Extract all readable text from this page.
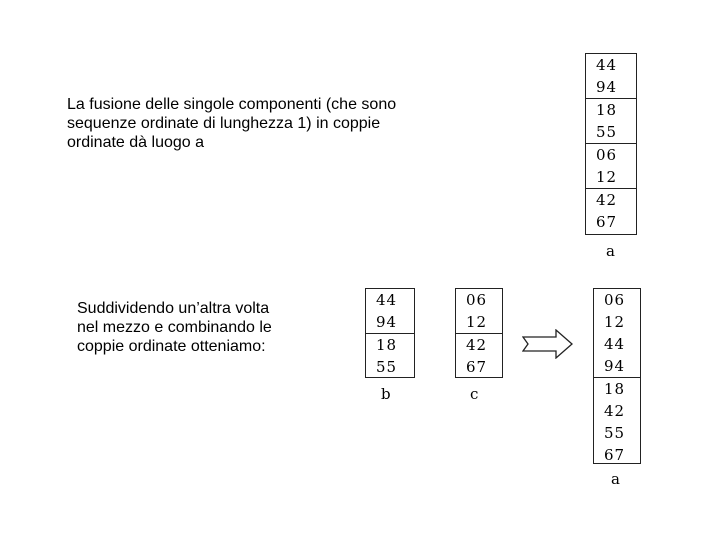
La fusione delle singole componenti (che sono
sequenze ordinate di lunghezza 1) in coppie
ordinate dà luogo a
Suddividendo un’altra volta
nel mezzo e combinando le
coppie ordinate otteniamo:
44
94
18
55
06
12
42
67
a
44
94
18
55
b
06
12
42
67
c
06
12
44
94
18
42
55
67
a
